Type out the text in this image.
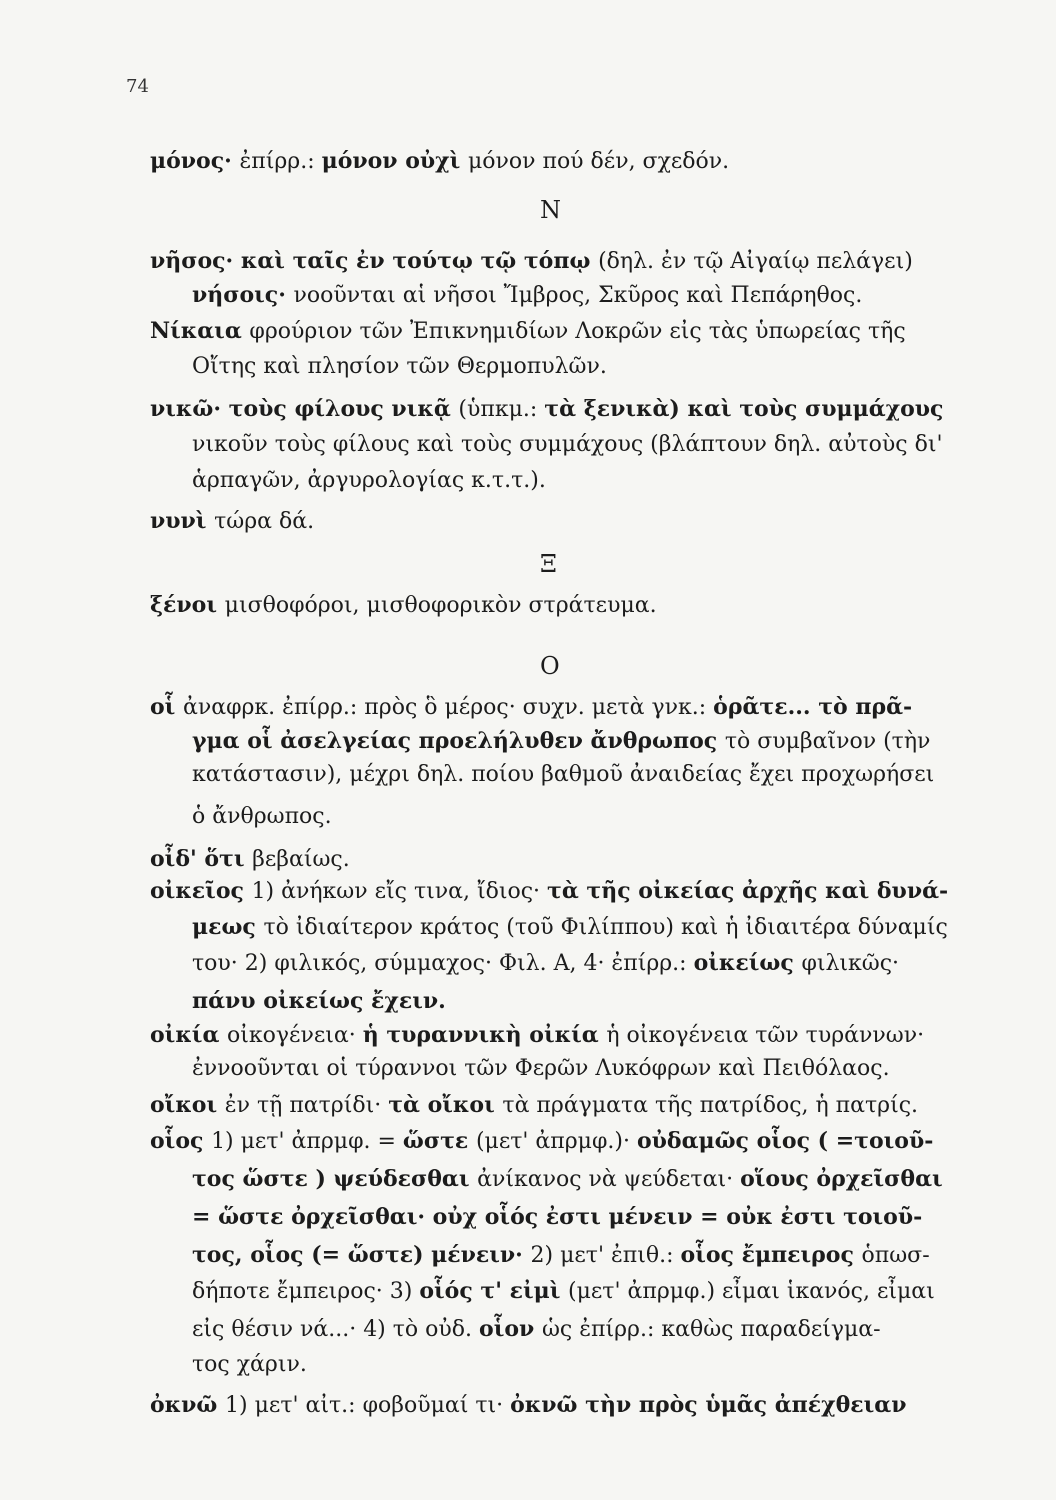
74
Ν
Ξ
Ο
μόνος· ἐπίρρ.: μόνον οὐχὶ μόνον πού δέν, σχεδόν.
νῆσος· καὶ ταῖς ἐν τούτῳ τῷ τόπῳ (δηλ. ἐν τῷ Αἰγαίῳ πελάγει)
νήσοις· νοοῦνται αἱ νῆσοι Ἴμβρος, Σκῦρος καὶ Πεπάρηθος.
Νίκαια φρούριον τῶν Ἐπικνημιδίων Λοκρῶν εἰς τὰς ὑπωρείας τῆς
Οἴτης καὶ πλησίον τῶν Θερμοπυλῶν.
νικῶ· τοὺς φίλους νικᾷ (ὑπκμ.: τὰ ξενικὰ) καὶ τοὺς συμμάχους
νικοῦν τοὺς φίλους καὶ τοὺς συμμάχους (βλάπτουν δηλ. αὐτοὺς δι'
ἁρπαγῶν, ἀργυρολογίας κ.τ.τ.).
νυνὶ τώρα δά.
ξένοι μισθοφόροι, μισθοφορικὸν στράτευμα.
οἷ ἀναφρκ. ἐπίρρ.: πρὸς ὃ μέρος· συχν. μετὰ γνκ.: ὁρᾶτε... τὸ πρᾶ-
γμα οἷ ἀσελγείας προελήλυθεν ἄνθρωπος τὸ συμβαῖνον (τὴν
κατάστασιν), μέχρι δηλ. ποίου βαθμοῦ ἀναιδείας ἔχει προχωρήσει
ὁ ἄνθρωπος.
οἶδ' ὅτι βεβαίως.
οἰκεῖος 1) ἀνήκων εἴς τινα, ἴδιος· τὰ τῆς οἰκείας ἀρχῆς καὶ δυνά-
μεως τὸ ἰδιαίτερον κράτος (τοῦ Φιλίππου) καὶ ἡ ἰδιαιτέρα δύναμίς
του· 2) φιλικός, σύμμαχος· Φιλ. Α, 4· ἐπίρρ.: οἰκείως φιλικῶς·
πάνυ οἰκείως ἔχειν.
οἰκία οἰκογένεια· ἡ τυραννικὴ οἰκία ἡ οἰκογένεια τῶν τυράννων·
ἐννοοῦνται οἱ τύραννοι τῶν Φερῶν Λυκόφρων καὶ Πειθόλαος.
οἴκοι ἐν τῇ πατρίδι· τὰ οἴκοι τὰ πράγματα τῆς πατρίδος, ἡ πατρίς.
οἷος 1) μετ' ἀπρμφ. = ὥστε (μετ' ἀπρμφ.)· οὐδαμῶς οἷος ( =τοιοῦ-
τος ὥστε ) ψεύδεσθαι ἀνίκανος νὰ ψεύδεται· οἵους ὀρχεῖσθαι
= ὥστε ὀρχεῖσθαι· οὐχ οἷός ἐστι μένειν = οὐκ ἐστι τοιοῦ-
τος, οἷος (= ὥστε) μένειν· 2) μετ' ἐπιθ.: οἷος ἔμπειρος ὁπωσ-
δήποτε ἔμπειρος· 3) οἷός τ' εἰμὶ (μετ' ἀπρμφ.) εἶμαι ἱκανός, εἶμαι
εἰς θέσιν νά...· 4) τὸ οὐδ. οἷον ὡς ἐπίρρ.: καθὼς παραδείγμα-
τος χάριν.
ὀκνῶ 1) μετ' αἰτ.: φοβοῦμαί τι· ὀκνῶ τὴν πρὸς ὑμᾶς ἀπέχθειαν
